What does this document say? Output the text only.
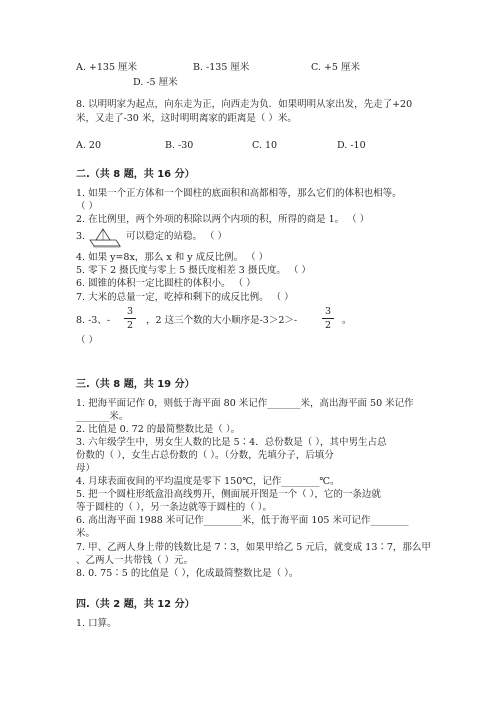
A. +135 厘米	B. -135 厘米	C. +5 厘米
D. -5 厘米
8. 以明明家为起点，向东走为正，向西走为负．如果明明从家出发，先走了+20
米，又走了-30 米，这时明明离家的距离是（ ）米。
A. 20	B. -30	C. 10	D. -10
二.（共 8 题，共 16 分）
1. 如果一个正方体和一个圆柱的底面积和高都相等，那么它们的体积也相等。
（ ）
2. 在比例里，两个外项的积除以两个内项的积，所得的商是 1。 （ ）
3.	可以稳定的站稳。 （ ）
4. 如果 y=8x，那么 x 和 y 成反比例。 （ ）
5. 零下 2 摄氏度与零上 5 摄氏度相差 3 摄氏度。 （ ）
6. 圆锥的体积一定比圆柱的体积小。 （ ）
7. 大米的总量一定，吃掉和剩下的成反比例。 （ ）
8. -3、- $\frac{3}{2}$ ，2 这三个数的大小顺序是-3＞2＞-	$\frac{3}{2}$ 。
（ ）
三.（共 8 题，共 19 分）
1. 把海平面记作 0，则低于海平面 80 米记作_______米，高出海平面 50 米记作
_______米。
2. 比值是 0. 72 的最简整数比是（ ）。
3. 六年级学生中，男女生人数的比是 5∶4．总份数是（ ），其中男生占总
份数的（ ），女生占总份数的（ ）。（分数，先填分子，后填分
母）
4. 月球表面夜间的平均温度是零下 150℃，记作________℃。
5. 把一个圆柱形纸盒沿高线剪开，侧面展开图是一个（ ），它的一条边就
等于圆柱的（ ），另一条边就等于圆柱的（ ）。
6. 高出海平面 1988 米可记作________米，低于海平面 105 米可记作________
米。
7. 甲、乙两人身上带的钱数比是 7∶3，如果甲给乙 5 元后，就变成 13∶7，那么甲
、乙两人一共带钱（ ）元。
8. 0. 75∶5 的比值是（ ），化成最简整数比是（ ）。
四.（共 2 题，共 12 分）
1. 口算。
